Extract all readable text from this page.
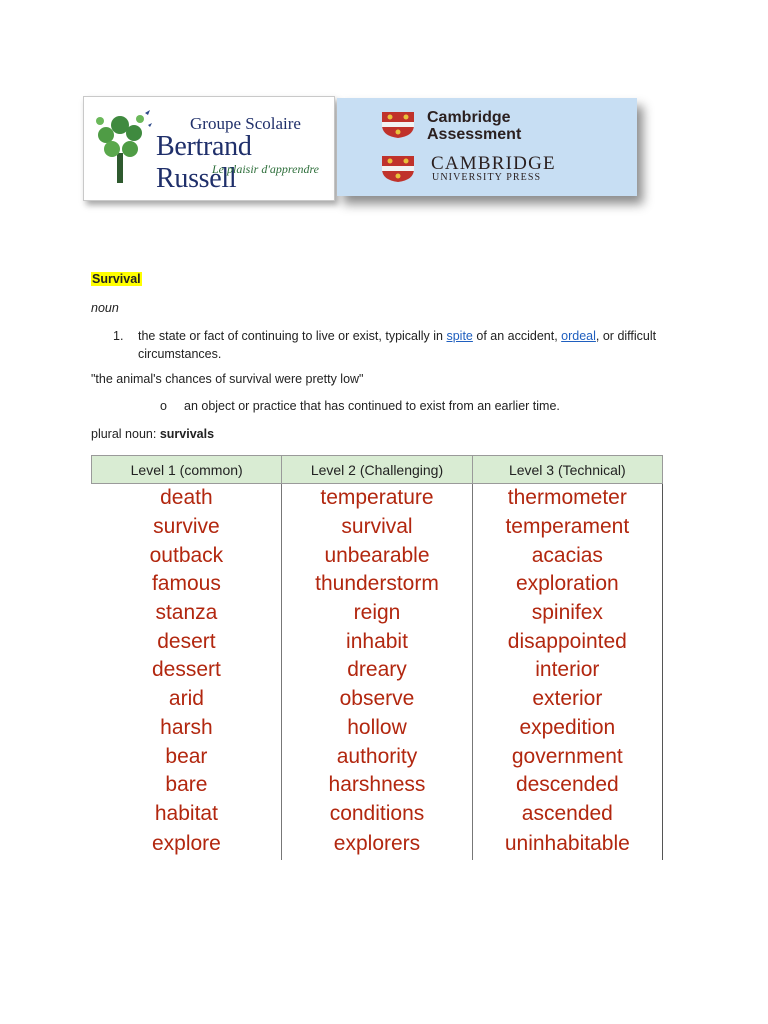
Groupe Scolaire
Bertrand Russell
Le plaisir d'apprendre
Cambridge
Assessment
CAMBRIDGE
UNIVERSITY PRESS
Survival
noun
1. the state or fact of continuing to live or exist, typically in spite of an accident, ordeal, or difficult circumstances.
"the animal's chances of survival were pretty low"
o an object or practice that has continued to exist from an earlier time.
plural noun: survivals
Level 1 (common)	Level 2 (Challenging)	Level 3 (Technical)
death	temperature	thermometer
survive	survival	temperament
outback	unbearable	acacias
famous	thunderstorm	exploration
stanza	reign	spinifex
desert	inhabit	disappointed
dessert	dreary	interior
arid	observe	exterior
harsh	hollow	expedition
bear	authority	government
bare	harshness	descended
habitat	conditions	ascended
explore	explorers	uninhabitable
